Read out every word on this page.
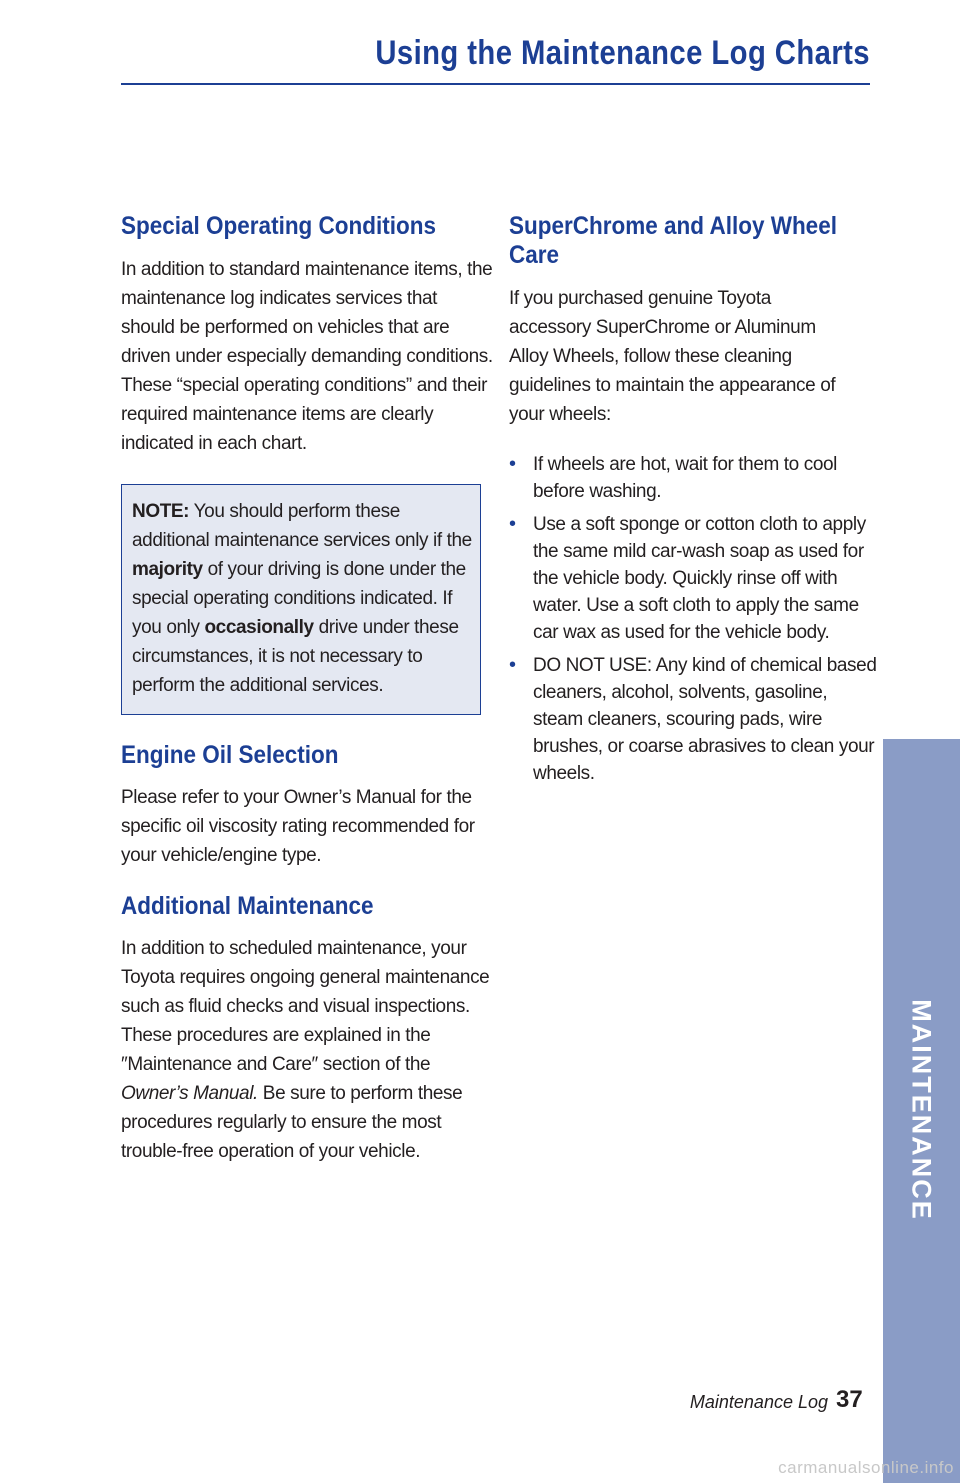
Using the Maintenance Log Charts
Special Operating Conditions

In addition to standard maintenance items, the maintenance log indicates services that should be performed on vehicles that are driven under especially demanding conditions. These “special operating conditions” and their required maintenance items are clearly indicated in each chart.

NOTE: You should perform these additional maintenance services only if the majority of your driving is done under the special operating conditions indicated. If you only occasionally drive under these circumstances, it is not necessary to perform the additional services.

Engine Oil Selection

Please refer to your Owner’s Manual for the specific oil viscosity rating recommended for your vehicle/engine type.

Additional Maintenance

In addition to scheduled maintenance, your Toyota requires ongoing general maintenance such as fluid checks and visual inspections. These procedures are explained in the ″Maintenance and Care″ section of the Owner’s Manual. Be sure to perform these procedures regularly to ensure the most trouble-free operation of your vehicle.

SuperChrome and Alloy Wheel Care

If you purchased genuine Toyota accessory SuperChrome or Aluminum Alloy Wheels, follow these cleaning guidelines to maintain the appearance of your wheels:

• If wheels are hot, wait for them to cool before washing.
• Use a soft sponge or cotton cloth to apply the same mild car-wash soap as used for the vehicle body. Quickly rinse off with water. Use a soft cloth to apply the same car wax as used for the vehicle body.
• DO NOT USE: Any kind of chemical based cleaners, alcohol, solvents, gasoline, steam cleaners, scouring pads, wire brushes, or coarse abrasives to clean your wheels.
MAINTENANCE
Maintenance Log 37
carmanualsonline.info
